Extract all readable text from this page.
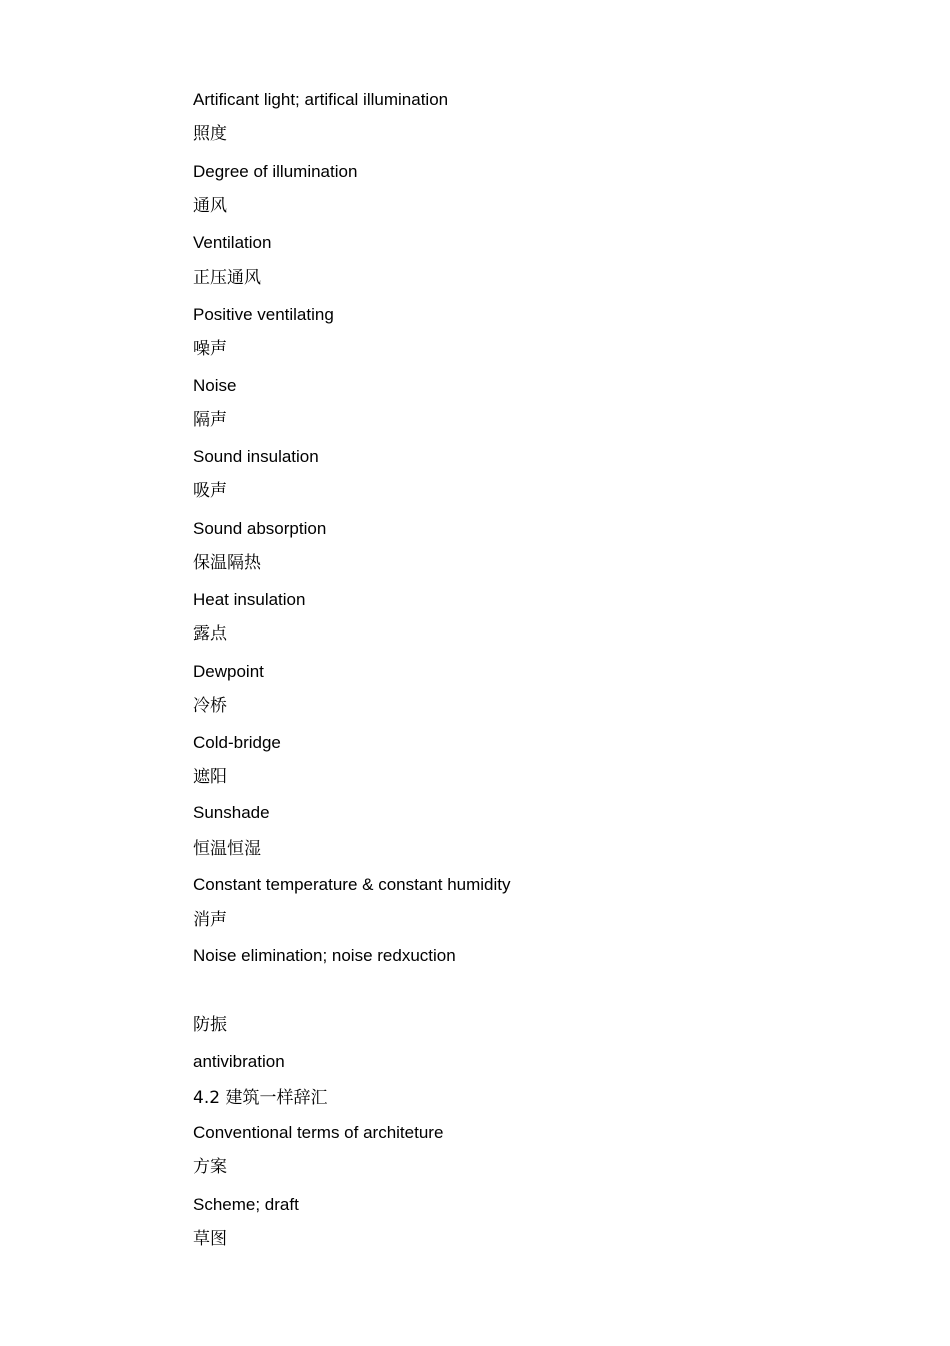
Artificant light; artifical illumination
照度
Degree of illumination
通风
Ventilation
正压通风
Positive ventilating
噪声
Noise
隔声
Sound insulation
吸声
Sound absorption
保温隔热
Heat insulation
露点
Dewpoint
冷桥
Cold-bridge
遮阳
Sunshade
恒温恒湿
Constant temperature & constant humidity
消声
Noise elimination; noise redxuction
防振
antivibration
4.2 建筑一样辞汇
Conventional terms of architeture
方案
Scheme; draft
草图
